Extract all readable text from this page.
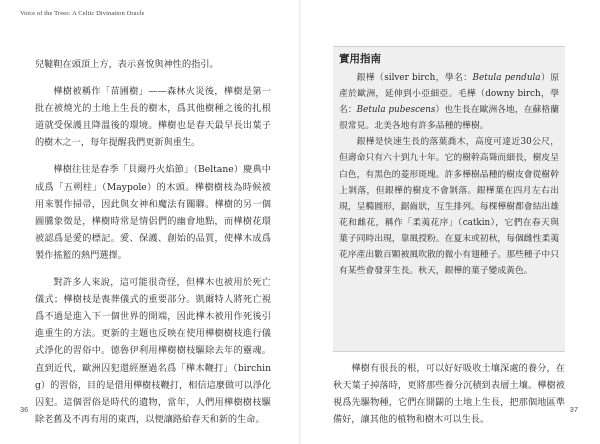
Voice of the Trees: A Celtic Divination Oracle

兒韃靼在頭頂上方，表示喜悅與神性的指引。

樺樹被稱作「苗圃樹」——森林火災後，樺樹是第一批在被燒光的土地上生長的樹木，爲其他樹種之後的扎根道就受保護且降溫後的環境。樺樹也是春天最早長出葉子的樹木之一，每年提醒我們更新與重生。

樺樹往往是春季「貝爾丹火焰節」（Beltane）慶典中成爲「五朔柱」（Maypole）的木頭。樺樹樹枝為時候被用來製作掃帚，因此與女神和魔法有關聯。樺樹的另一個圖騰象徵是，樺樹時常是情侶們的幽會地點，而樺樹花環被認爲是愛的標記。愛、保護、創始的品質，使樺木成爲製作搖籃的熱門選擇。

對許多人來說，這可能很奇怪，但樺木也被用於死亡儀式；樺樹枝是喪葬儀式的重要部分。凱爾特人將死亡視爲不過是進入下一個世界的開端，因此樺木被用作死後引進重生的方法。更新的主題也反映在使用樺樹樹枝進行儀式淨化的習俗中。德魯伊利用樺樹樹枝驅除去年的靈魂。直到近代，歐洲囚犯還經歷過名爲「樺木鞭打」（birching）的習俗，目的是借用樺樹枝鞭打，相信這麼做可以淨化囚犯。這個習俗是時代的遺物，當年，人們用樺樹樹枝驅除老舊及不再有用的東西，以便讓路給春天和新的生命。

36	37
實用指南

銀樺（silver birch，學名：Betula pendula）原產於歐洲，延伸到小亞細亞。毛樺（downy birch，學名：Betula pubescens）也生長在歐洲各地，在蘇格蘭很常見。北美各地有許多品種的樺樹。

銀樺是快速生長的落葉喬木，高度可達近30公尺，但壽命只有六十到九十年。它的樹幹高聳而細長，樹皮呈白色，有黑色的菱形斑塊。許多樺樹品種的樹皮會從樹幹上剝落，但銀樺的樹皮不會剝落。銀樺葉在四月左右出現，呈橢圓形，鋸齒狀，互生排列。每棵樺樹都會結出雄花和雌花，稱作「柔荑花序」（catkin），它們在春天與葉子同時出現，靠風授粉。在夏末或初秋，每個雌性柔荑花序產出數百顆被風吹散的微小有翅種子。那些種子中只有某些會發芽生長。秋天，銀樺的葉子變成黃色。

樺樹有很長的根，可以好好吸收土壤深處的養分，在秋天葉子掉落時，更將那些養分沉積到表層土壤。樺樹被視爲先驅物種，它們在開闢的土地上生長，把那個地區準備好，讓其他的植物和樹木可以生長。
